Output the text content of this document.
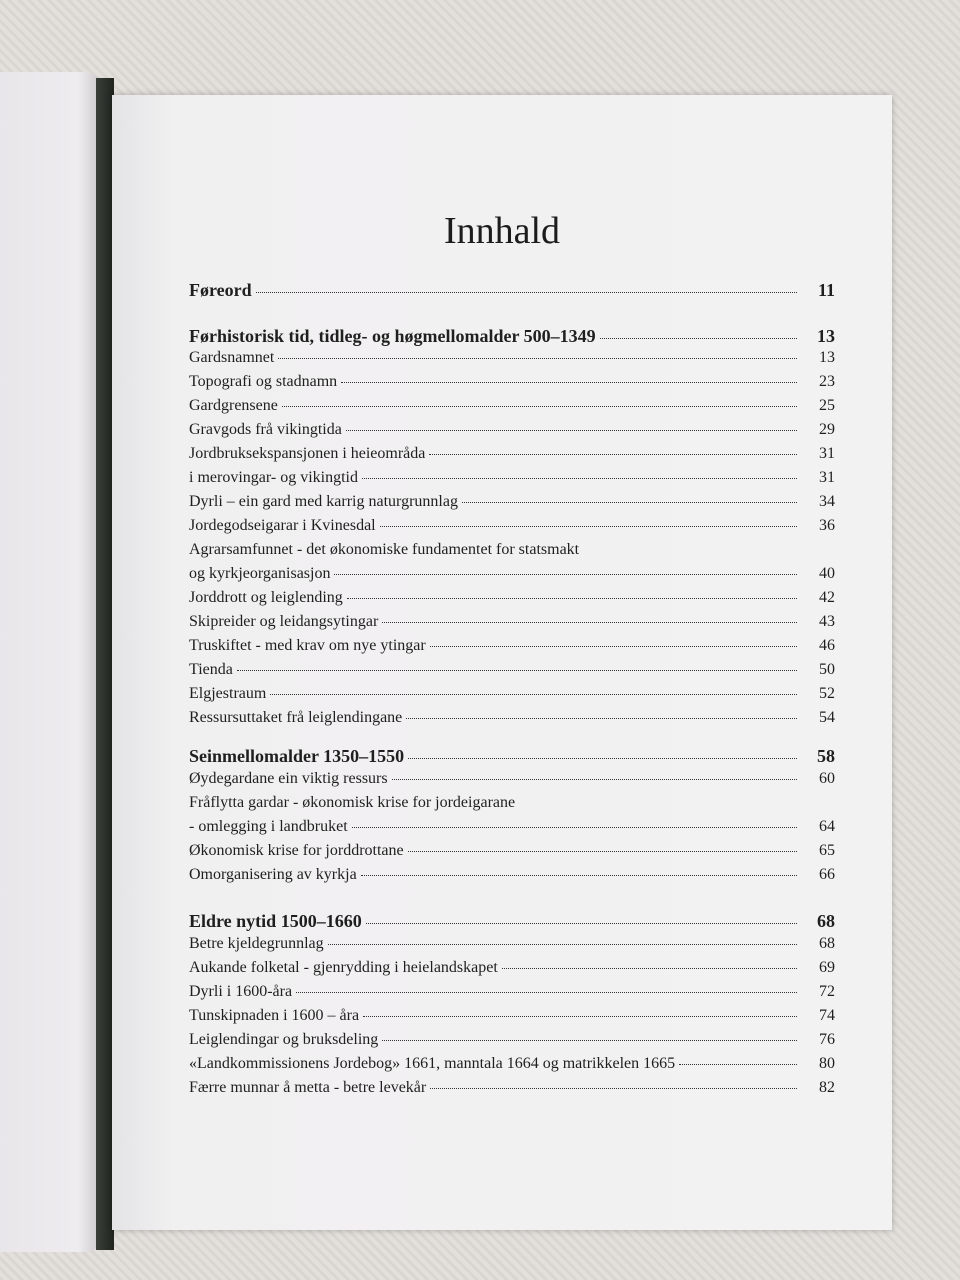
Innhald
Føreord	11
Førhistorisk tid, tidleg- og høgmellomalder 500–1349	13
Gardsnamnet	13
Topografi og stadnamn	23
Gardgrensene	25
Gravgods frå vikingtida	29
Jordbruksekspansjonen i heieområda	31
i merovingar- og vikingtid	31
Dyrli – ein gard med karrig naturgrunnlag	34
Jordegodseigarar i Kvinesdal	36
Agrarsamfunnet - det økonomiske fundamentet for statsmakt
og kyrkjeorganisasjon	40
Jorddrott og leiglending	42
Skipreider og leidangsytingar	43
Truskiftet - med krav om nye ytingar	46
Tienda	50
Elgjestraum	52
Ressursuttaket frå leiglendingane	54
Seinmellomalder 1350–1550	58
Øydegardane ein viktig ressurs	60
Fråflytta gardar - økonomisk krise for jordeigarane
- omlegging i landbruket	64
Økonomisk krise for jorddrottane	65
Omorganisering av kyrkja	66
Eldre nytid 1500–1660	68
Betre kjeldegrunnlag	68
Aukande folketal - gjenrydding i heielandskapet	69
Dyrli i 1600-åra	72
Tunskipnaden i 1600 – åra	74
Leiglendingar og bruksdeling	76
«Landkommissionens Jordebog» 1661, manntala 1664 og matrikkelen 1665	80
Færre munnar å metta - betre levekår	82
